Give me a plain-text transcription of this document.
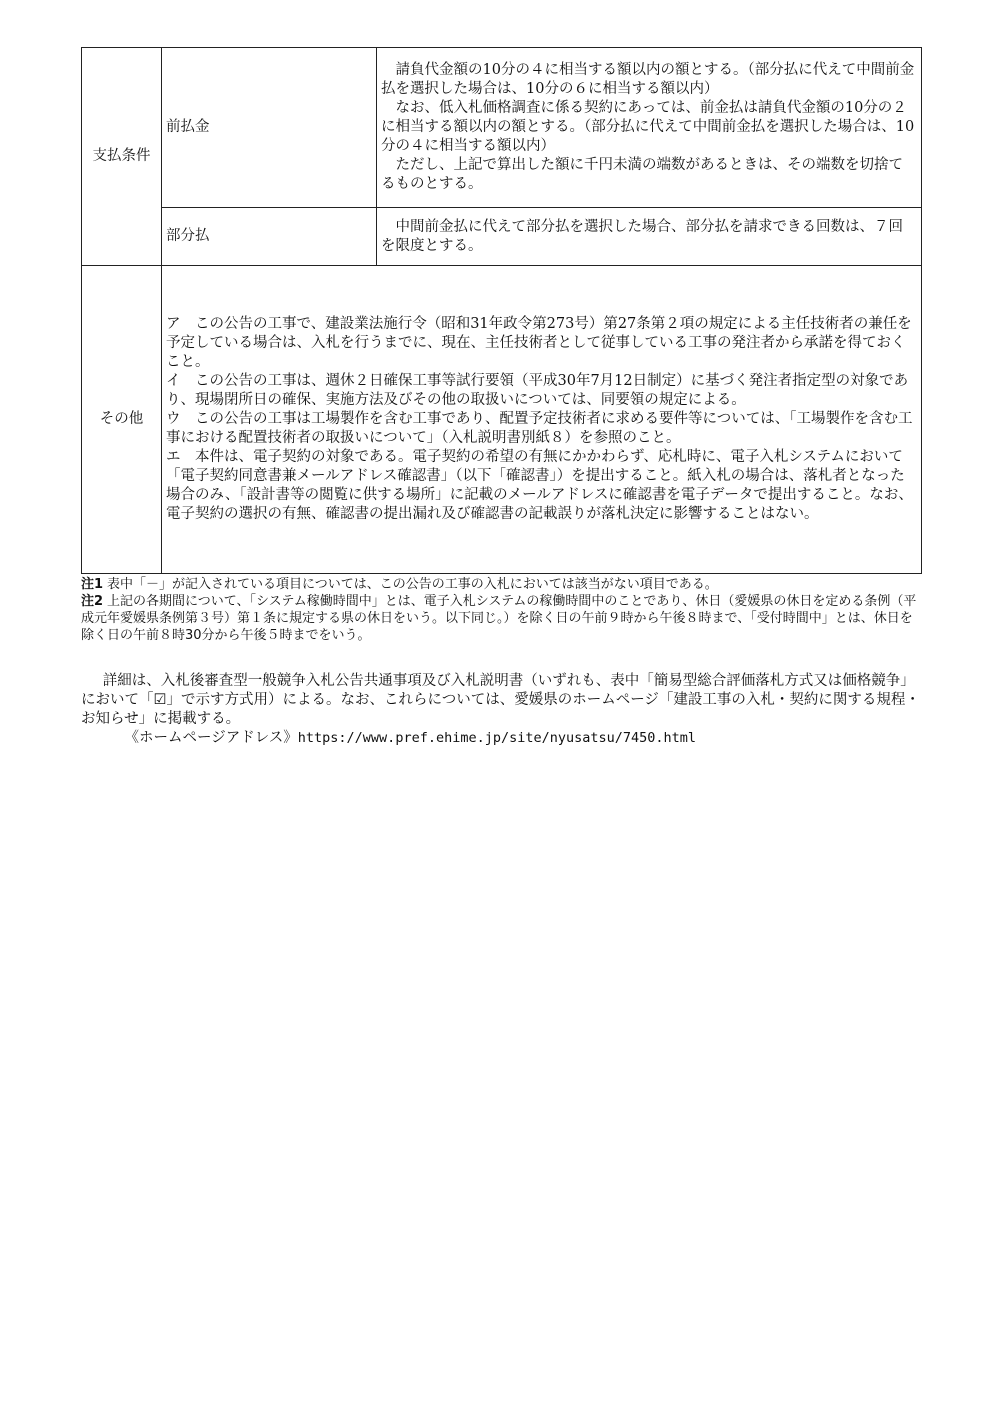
支払条件	前払金	請負代金額の10分の４に相当する額以内の額とする。（部分払に代えて中間前金払を選択した場合は、10分の６に相当する額以内）

なお、低入札価格調査に係る契約にあっては、前金払は請負代金額の10分の２に相当する額以内の額とする。（部分払に代えて中間前金払を選択した場合は、10分の４に相当する額以内）

ただし、上記で算出した額に千円未満の端数があるときは、その端数を切捨てるものとする。

	部分払	中間前金払に代えて部分払を選択した場合、部分払を請求できる回数は、７回を限度とする。

その他	ア　この公告の工事で、建設業法施行令（昭和31年政令第273号）第27条第２項の規定による主任技術者の兼任を予定している場合は、入札を行うまでに、現在、主任技術者として従事している工事の発注者から承諾を得ておくこと。

イ　この公告の工事は、週休２日確保工事等試行要領（平成30年7月12日制定）に基づく発注者指定型の対象であり、現場閉所日の確保、実施方法及びその他の取扱いについては、同要領の規定による。

ウ　この公告の工事は工場製作を含む工事であり、配置予定技術者に求める要件等については、「工場製作を含む工事における配置技術者の取扱いについて」（入札説明書別紙８）を参照のこと。

エ　本件は、電子契約の対象である。電子契約の希望の有無にかかわらず、応札時に、電子入札システムにおいて「電子契約同意書兼メールアドレス確認書」（以下「確認書」）を提出すること。紙入札の場合は、落札者となった場合のみ、「設計書等の閲覧に供する場所」に記載のメールアドレスに確認書を電子データで提出すること。なお、電子契約の選択の有無、確認書の提出漏れ及び確認書の記載誤りが落札決定に影響することはない。	

注1 表中「－」が記入されている項目については、この公告の工事の入札においては該当がない項目である。

注2 上記の各期間について、「システム稼働時間中」とは、電子入札システムの稼働時間中のことであり、休日（愛媛県の休日を定める条例（平成元年愛媛県条例第３号）第１条に規定する県の休日をいう。以下同じ。）を除く日の午前９時から午後８時まで、「受付時間中」とは、休日を除く日の午前８時30分から午後５時までをいう。

詳細は、入札後審査型一般競争入札公告共通事項及び入札説明書（いずれも、表中「簡易型総合評価落札方式又は価格競争」において「☑」で示す方式用）による。なお、これらについては、愛媛県のホームページ「建設工事の入札・契約に関する規程・お知らせ」に掲載する。

《ホームページアドレス》https://www.pref.ehime.jp/site/nyusatsu/7450.html
